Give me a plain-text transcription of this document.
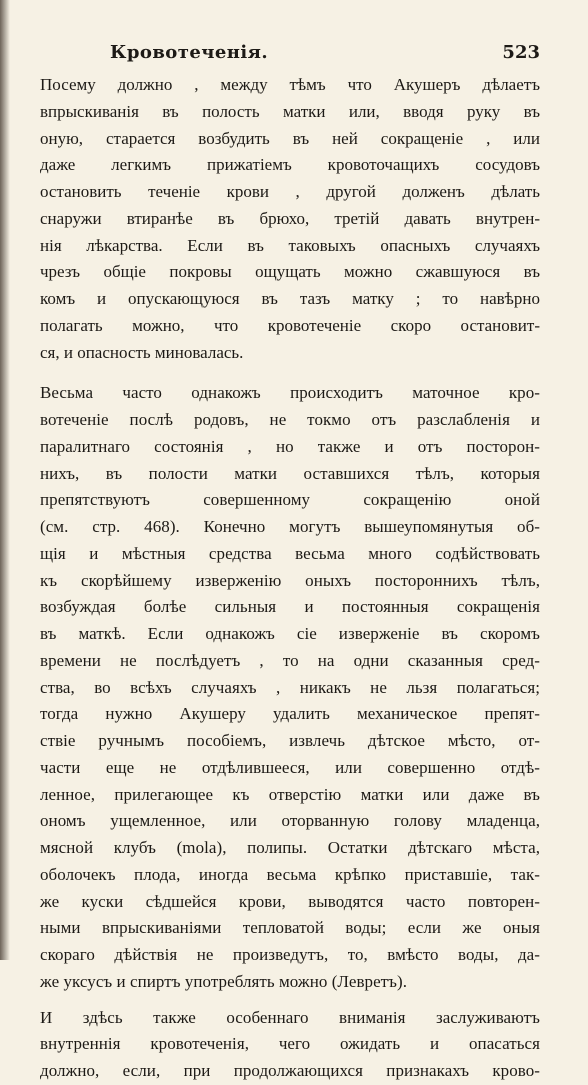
Кровотеченія.	523
Посему должно , между тѣмъ что Акушеръ дѣлаетъ
впрыскиванія въ полость матки или, вводя руку въ
оную, старается возбудить въ ней сокращеніе , или
даже легкимъ прижатіемъ кровоточащихъ сосудовъ
остановить теченіе крови , другой долженъ дѣлать
снаружи втиранѣе въ брюхо, третій давать внутрен-
нія лѣкарства. Если въ таковыхъ опасныхъ случаяхъ
чрезъ общіе покровы ощущать можно сжавшуюся въ
комъ и опускающуюся въ тазъ матку ; то навѣрно
полагать можно, что кровотеченіе скоро остановит-
ся, и опасность миновалась.
Весьма часто однакожъ происходитъ маточное кро-
вотеченіе послѣ родовъ, не токмо отъ разслабленія и
паралитнаго состоянія , но также и отъ посторон-
нихъ, въ полости матки оставшихся тѣлъ, которыя
препятствуютъ совершенному сокращенію оной
(см. стр. 468). Конечно могутъ вышеупомянутыя об-
щія и мѣстныя средства весьма много содѣйствовать
къ скорѣйшему изверженію оныхъ постороннихъ тѣлъ,
возбуждая болѣе сильныя и постоянныя сокращенія
въ маткѣ. Если однакожъ сіе изверженіе въ скоромъ
времени не послѣдуетъ , то на одни сказанныя сред-
ства, во всѣхъ случаяхъ , никакъ не льзя полагаться;
тогда нужно Акушеру удалить механическое препят-
ствіе ручнымъ пособіемъ, извлечь дѣтское мѣсто, от-
части еще не отдѣлившееся, или совершенно отдѣ-
ленное, прилегающее къ отверстію матки или даже въ
ономъ ущемленное, или оторванную голову младенца,
мясной клубъ (mola), полипы. Остатки дѣтскаго мѣста,
оболочекъ плода, иногда весьма крѣпко приставшіе, так-
же куски сѣдшейся крови, выводятся часто повторен-
ными впрыскиваніями тепловатой воды; если же оныя
скораго дѣйствія не произведутъ, то, вмѣсто воды, да-
же уксусъ и спиртъ употреблять можно (Левретъ).
И здѣсь также особеннаго вниманія заслуживаютъ
внутреннія кровотеченія, чего ожидать и опасаться
должно, если, при продолжающихся признакахъ крово-
